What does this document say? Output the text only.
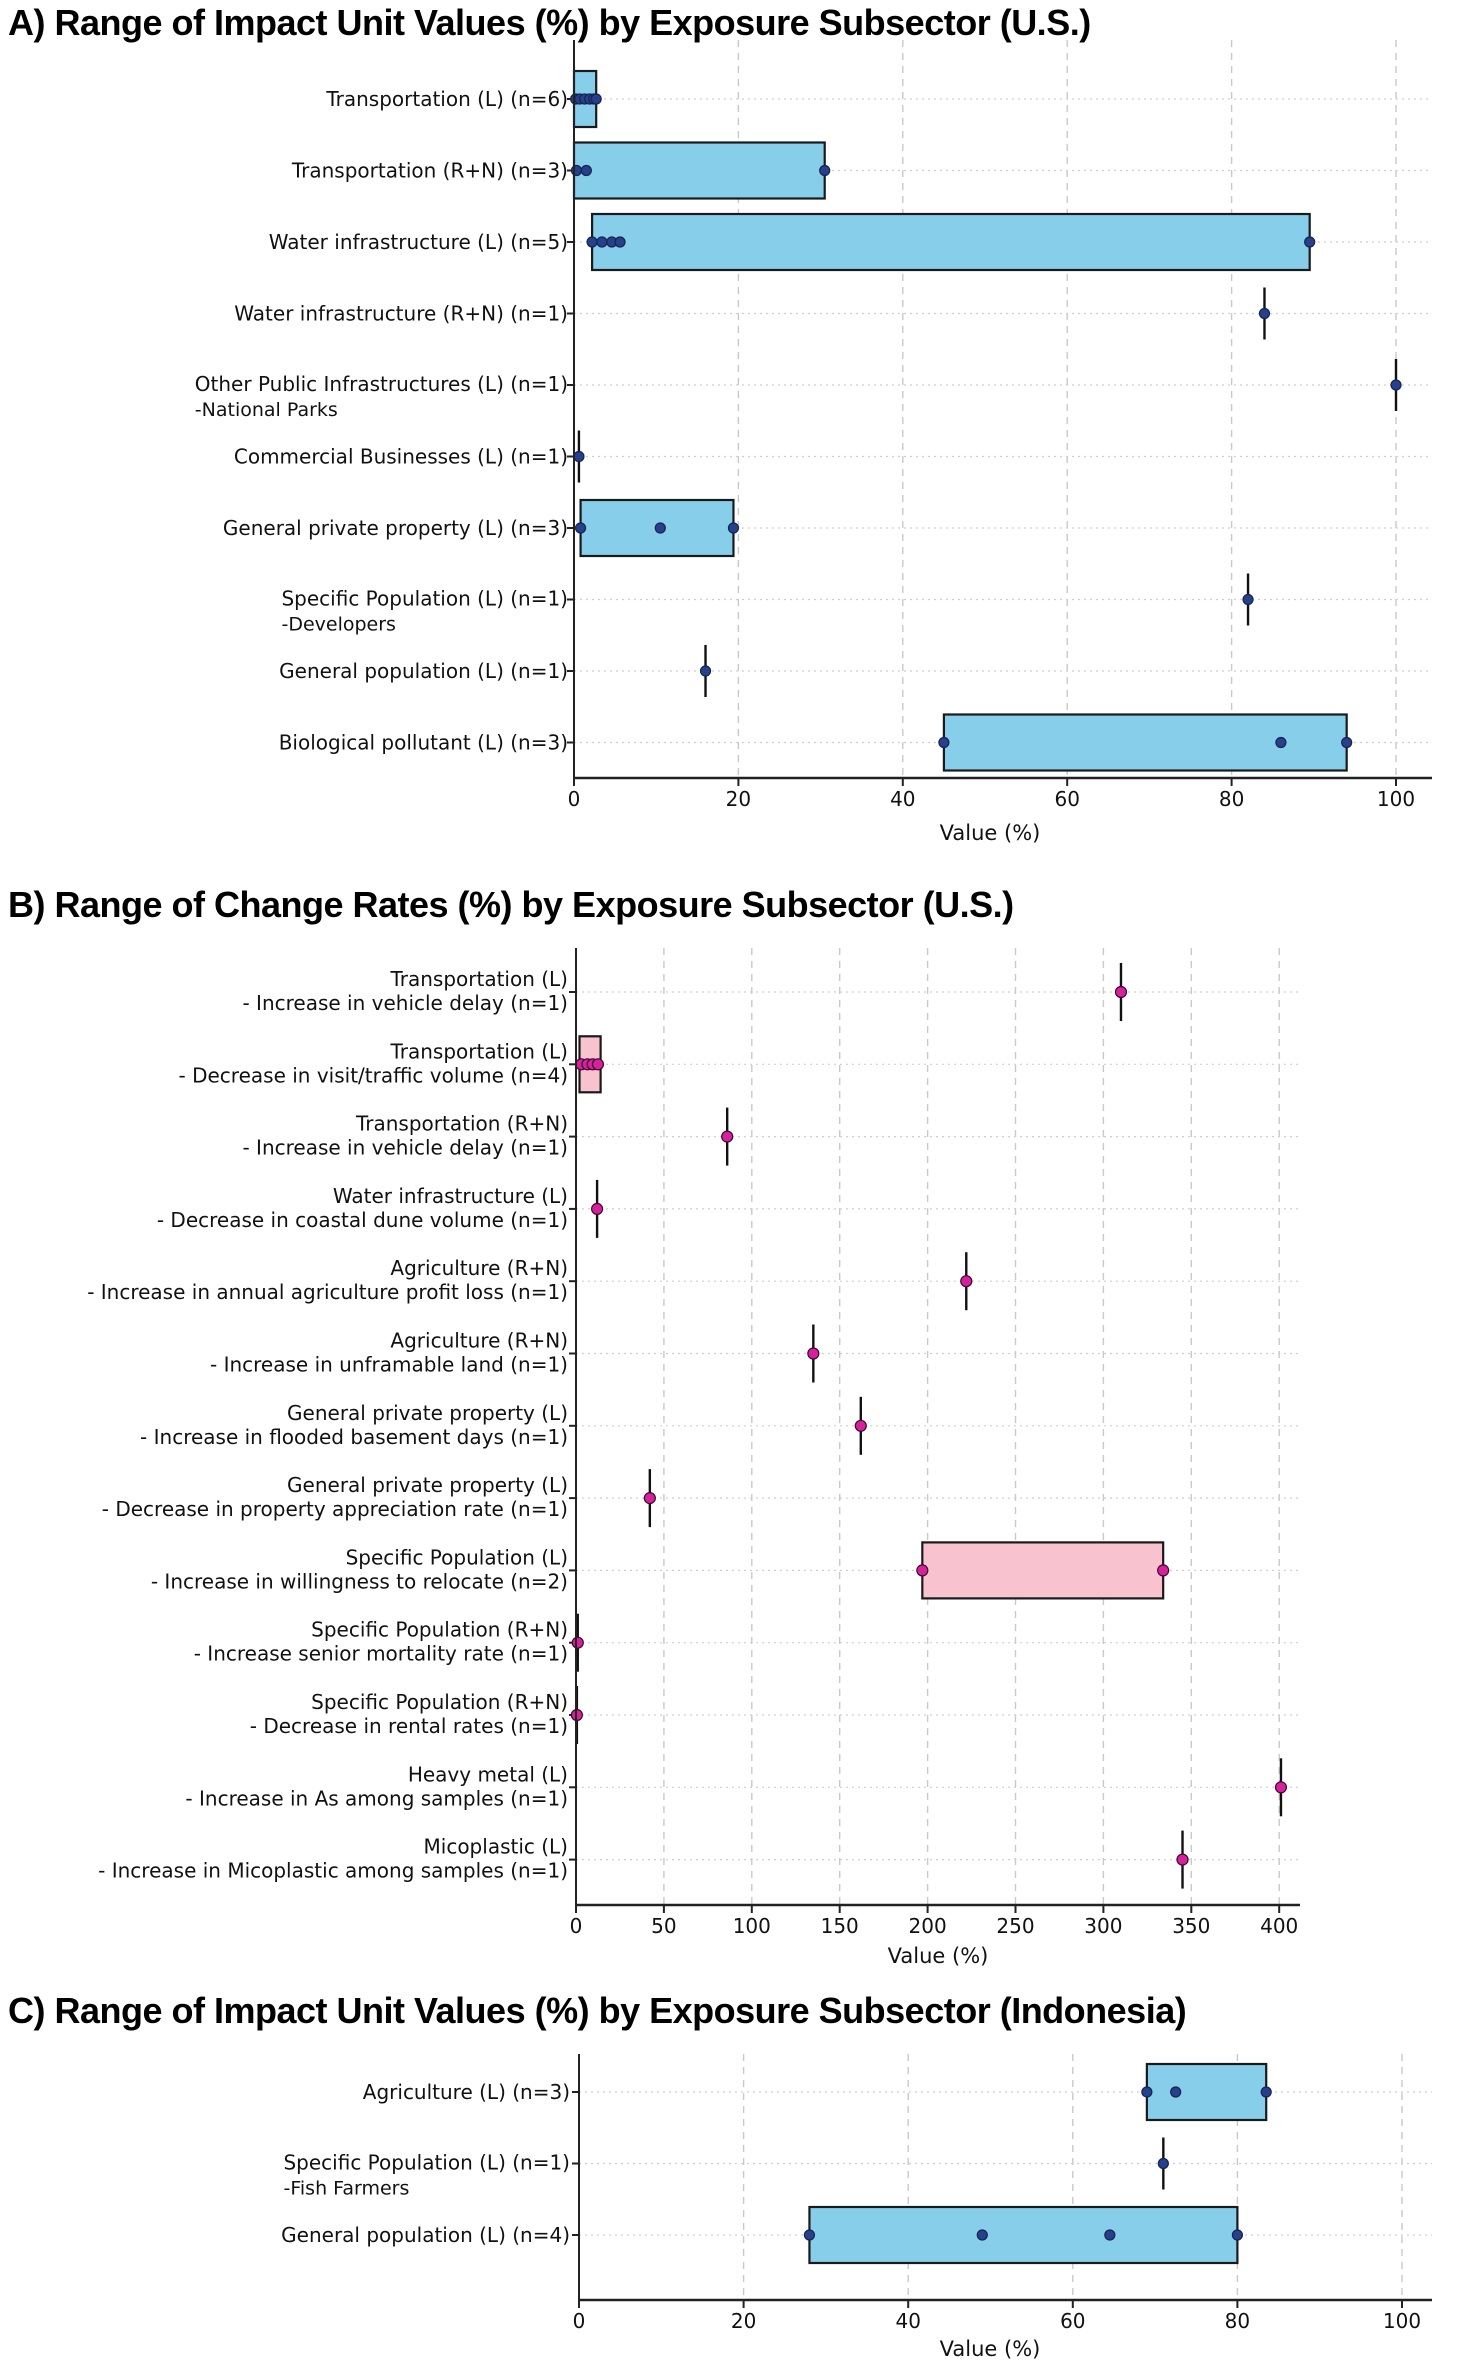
A) Range of Impact Unit Values (%) by Exposure Subsector (U.S.)
B) Range of Change Rates (%) by Exposure Subsector (U.S.)
C) Range of Impact Unit Values (%) by Exposure Subsector (Indonesia)
0	20	40	60	80	100
Value (%)
Transportation (L) (n=6)
Transportation (R+N) (n=3)
Water infrastructure (L) (n=5)
Water infrastructure (R+N) (n=1)
Other Public Infrastructures (L) (n=1)
-National Parks
Commercial Businesses (L) (n=1)
General private property (L) (n=3)
Specific Population (L) (n=1)
-Developers
General population (L) (n=1)
Biological pollutant (L) (n=3)
0	50	100 150 200 250 300 350 400
Value (%)
Transportation (L)
- Increase in vehicle delay (n=1)
Transportation (L)
- Decrease in visit/traffic volume (n=4)
Transportation (R+N)
- Increase in vehicle delay (n=1)
Water infrastructure (L)
- Decrease in coastal dune volume (n=1)
Agriculture (R+N)
- Increase in annual agriculture profit loss (n=1)
Agriculture (R+N)
- Increase in unframable land (n=1)
General private property (L)
- Increase in flooded basement days (n=1)
General private property (L)
- Decrease in property appreciation rate (n=1)
Specific Population (L)
- Increase in willingness to relocate (n=2)
Specific Population (R+N)
- Increase senior mortality rate (n=1)
Specific Population (R+N)
- Decrease in rental rates (n=1)
Heavy metal (L)
- Increase in As among samples (n=1)
Micoplastic (L)
- Increase in Micoplastic among samples (n=1)
0	20	40	60	80	100
Value (%)
Agriculture (L) (n=3)
Specific Population (L) (n=1)
-Fish Farmers
General population (L) (n=4)
